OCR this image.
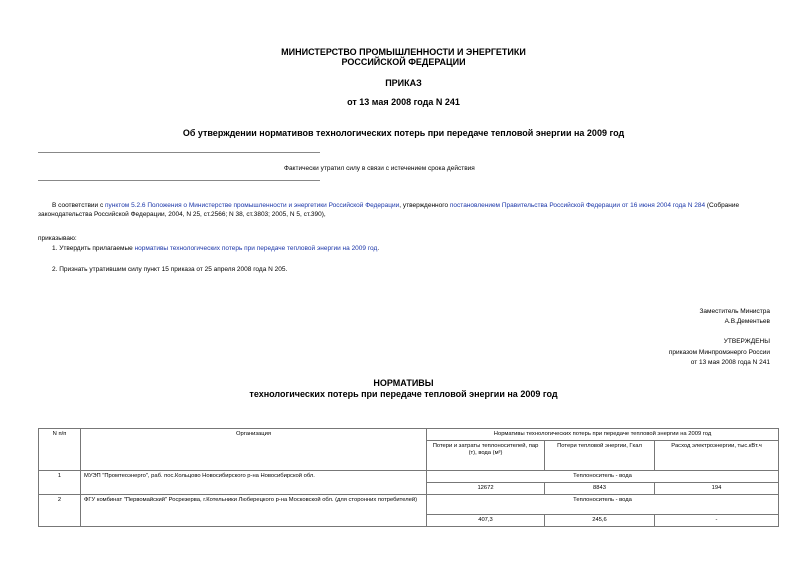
МИНИСТЕРСТВО ПРОМЫШЛЕННОСТИ И ЭНЕРГЕТИКИ
РОССИЙСКОЙ ФЕДЕРАЦИИ
ПРИКАЗ
от 13 мая 2008 года N 241
Об утверждении нормативов технологических потерь при передаче тепловой энергии на 2009 год
Фактически утратил силу в связи с истечением срока действия
В соответствии с пунктом 5.2.6 Положения о Министерстве промышленности и энергетики Российской Федерации, утвержденного постановлением Правительства Российской Федерации от 16 июня 2004 года N 284 (Собрание законодательства Российской Федерации, 2004, N 25, ст.2566; N 38, ст.3803; 2005, N 5, ст.390),
приказываю:
1. Утвердить прилагаемые нормативы технологических потерь при передаче тепловой энергии на 2009 год.
2. Признать утратившим силу пункт 15 приказа от 25 апреля 2008 года N 205.
Заместитель Министра
А.В.Дементьев
УТВЕРЖДЕНЫ
приказом Минпромэнерго России
от 13 мая 2008 года N 241
НОРМАТИВЫ
технологических потерь при передаче тепловой энергии на 2009 год
N п/п	Организация	Нормативы технологических потерь при передаче тепловой энергии на 2009 год		
		Потери и затраты теплоносителей, пар (т), вода (м³)	Потери тепловой энергии, Гкал	Расход электроэнергии, тыс.кВт.ч
1	МУЭП "Промтеоэнерго", раб. пос.Кольцово Новосибирского р-на Новосибирской обл.	Теплоноситель - вода		
		12672	8843	194
2	ФГУ комбинат "Первомайский" Росрезерва, г.Котельники Люберецкого р-на Московской обл. (для сторонних потребителей)	Теплоноситель - вода		
		407,3	245,6	-
